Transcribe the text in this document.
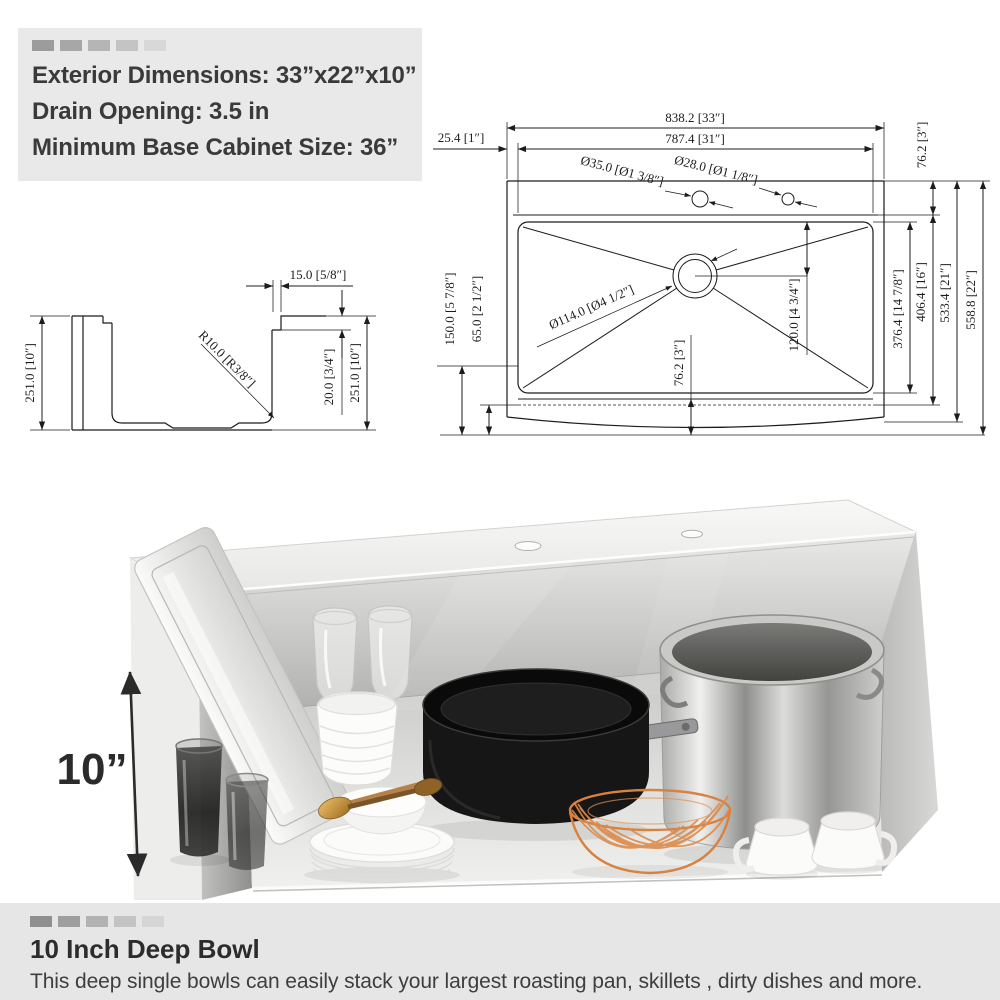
Exterior Dimensions: 33”x22”x10”
Drain Opening: 3.5 in
Minimum Base Cabinet Size: 36”
838.2 [33″]
787.4 [31″]
25.4 [1″]
Ø35.0 [Ø1 3/8″] Ø28.0 [Ø1 1/8″]
Ø114.0 [Ø4 1/2″]
76.2 [3″]
406.4 [16″]
376.4 [14 7/8″] 533.4 [21″] 558.8 [22″]
150.0 [5 7/8″] 65.0 [2 1/2″]
76.2 [3″]
120.0 [4 3/4″]
251.0 [10″]	251.0 [10″]
20.0 [3/4″]
15.0 [5/8″]
R10.0 [R3/8″]
10”
10 Inch Deep Bowl
This deep single bowls can easily stack your largest roasting pan, skillets , dirty dishes and more.
